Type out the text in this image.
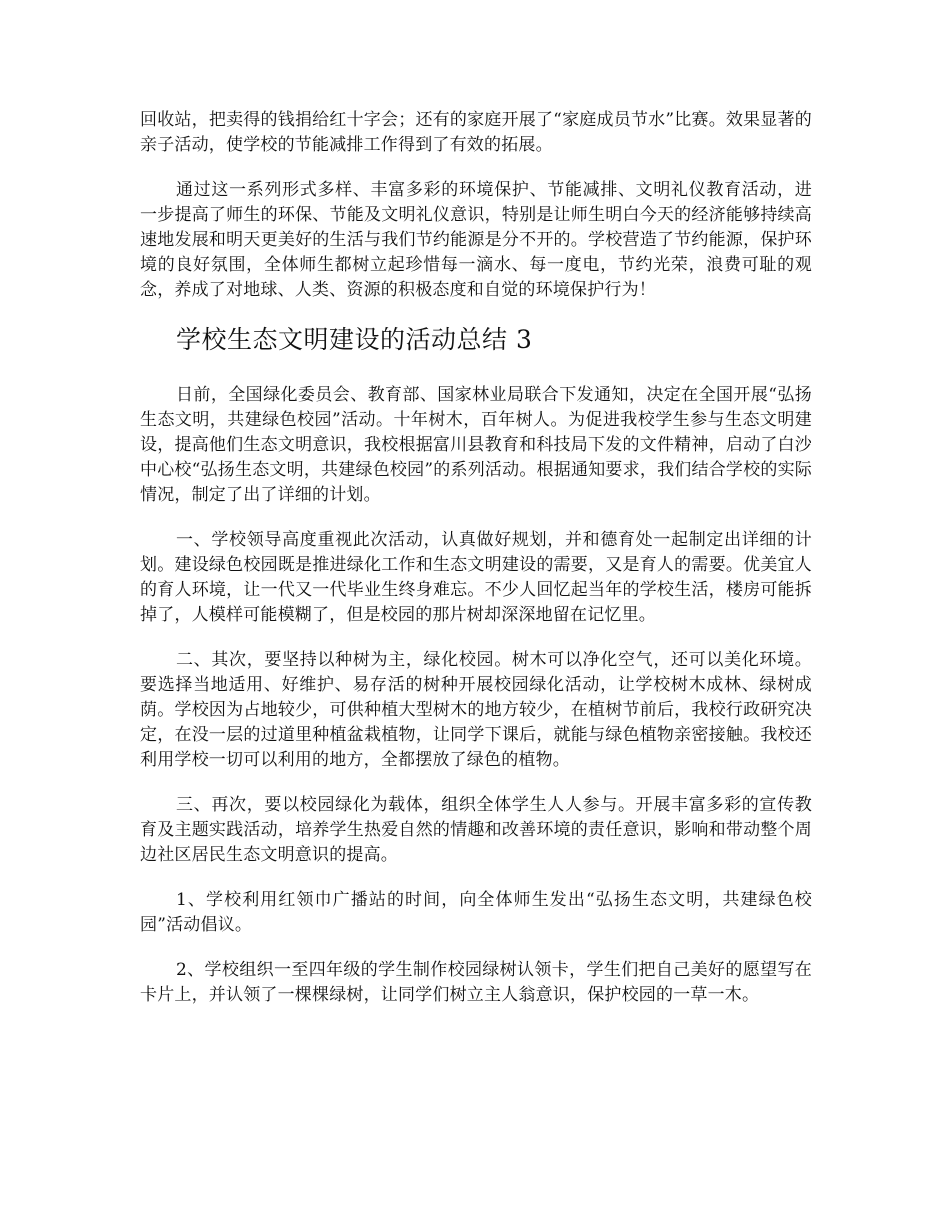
回收站，把卖得的钱捐给红十字会；还有的家庭开展了“家庭成员节水”比赛。效果显著的亲子活动，使学校的节能减排工作得到了有效的拓展。

通过这一系列形式多样、丰富多彩的环境保护、节能减排、文明礼仪教育活动，进一步提高了师生的环保、节能及文明礼仪意识，特别是让师生明白今天的经济能够持续高速地发展和明天更美好的生活与我们节约能源是分不开的。学校营造了节约能源，保护环境的良好氛围，全体师生都树立起珍惜每一滴水、每一度电，节约光荣，浪费可耻的观念，养成了对地球、人类、资源的积极态度和自觉的环境保护行为！

学校生态文明建设的活动总结 3

日前，全国绿化委员会、教育部、国家林业局联合下发通知，决定在全国开展“弘扬生态文明，共建绿色校园”活动。十年树木，百年树人。为促进我校学生参与生态文明建设，提高他们生态文明意识，我校根据富川县教育和科技局下发的文件精神，启动了白沙中心校“弘扬生态文明，共建绿色校园”的系列活动。根据通知要求，我们结合学校的实际情况，制定了出了详细的计划。

一、学校领导高度重视此次活动，认真做好规划，并和德育处一起制定出详细的计划。建设绿色校园既是推进绿化工作和生态文明建设的需要，又是育人的需要。优美宜人的育人环境，让一代又一代毕业生终身难忘。不少人回忆起当年的学校生活，楼房可能拆掉了，人模样可能模糊了，但是校园的那片树却深深地留在记忆里。

二、其次，要坚持以种树为主，绿化校园。树木可以净化空气，还可以美化环境。要选择当地适用、好维护、易存活的树种开展校园绿化活动，让学校树木成林、绿树成荫。学校因为占地较少，可供种植大型树木的地方较少，在植树节前后，我校行政研究决定，在没一层的过道里种植盆栽植物，让同学下课后，就能与绿色植物亲密接触。我校还利用学校一切可以利用的地方，全都摆放了绿色的植物。

三、再次，要以校园绿化为载体，组织全体学生人人参与。开展丰富多彩的宣传教育及主题实践活动，培养学生热爱自然的情趣和改善环境的责任意识，影响和带动整个周边社区居民生态文明意识的提高。

1、学校利用红领巾广播站的时间，向全体师生发出“弘扬生态文明，共建绿色校园”活动倡议。

2、学校组织一至四年级的学生制作校园绿树认领卡，学生们把自己美好的愿望写在卡片上，并认领了一棵棵绿树，让同学们树立主人翁意识，保护校园的一草一木。
